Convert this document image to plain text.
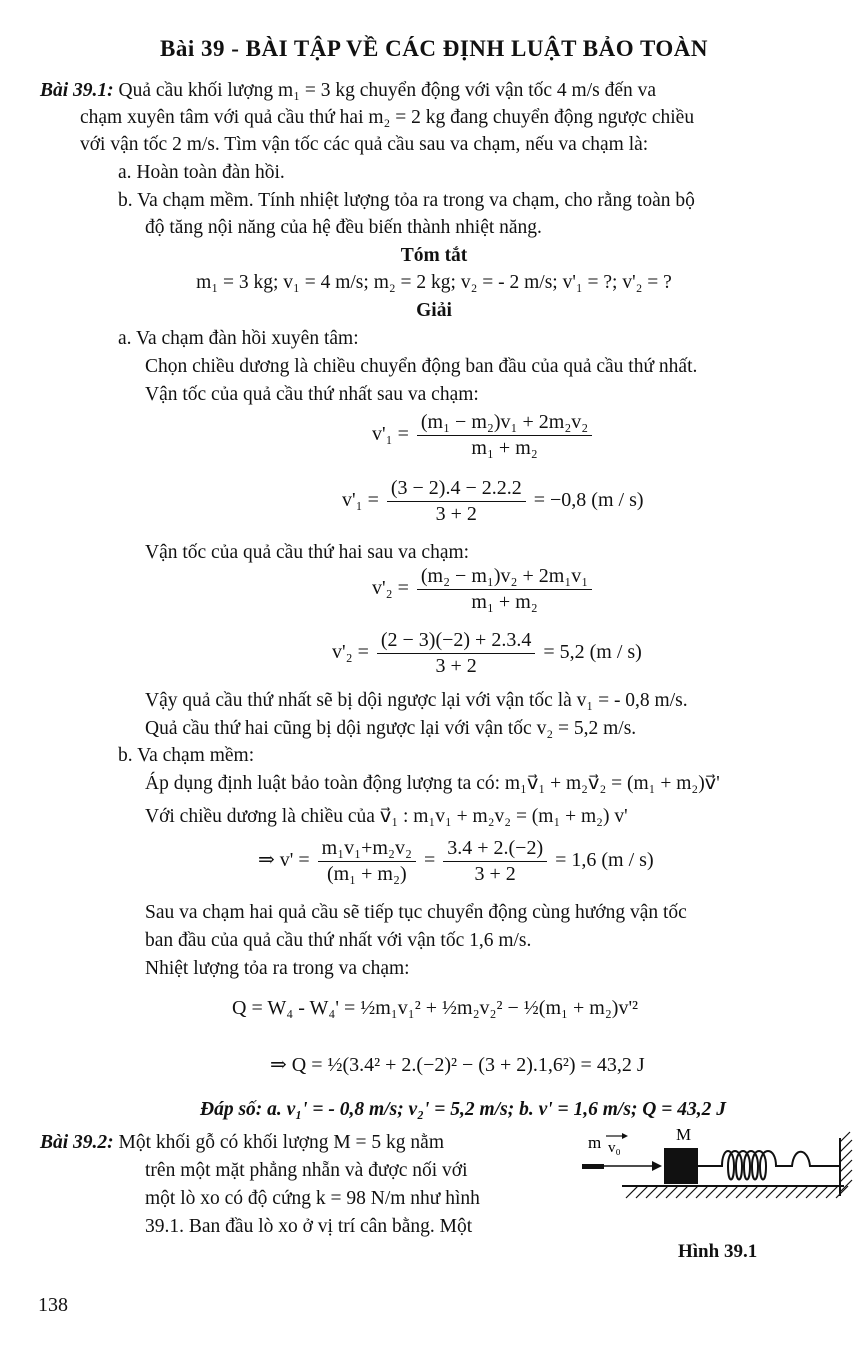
Bài 39 - BÀI TẬP VỀ CÁC ĐỊNH LUẬT BẢO TOÀN
Bài 39.1: Quả cầu khối lượng m₁ = 3 kg chuyển động với vận tốc 4 m/s đến va
chạm xuyên tâm với quả cầu thứ hai m₂ = 2 kg đang chuyển động ngược chiều
với vận tốc 2 m/s. Tìm vận tốc các quả cầu sau va chạm, nếu va chạm là:
a. Hoàn toàn đàn hồi.
b. Va chạm mềm. Tính nhiệt lượng tỏa ra trong va chạm, cho rằng toàn bộ
độ tăng nội năng của hệ đều biến thành nhiệt năng.
Tóm tắt
m₁ = 3 kg; v₁ = 4 m/s; m₂ = 2 kg; v₂ = - 2 m/s; v'₁ = ?; v'₂ = ?
Giải
a. Va chạm đàn hồi xuyên tâm:
Chọn chiều dương là chiều chuyển động ban đầu của quả cầu thứ nhất.
Vận tốc của quả cầu thứ nhất sau va chạm:
$v'_1 = \frac{\text{(m₁ − m₂)v₁ + 2m₂v₂}}{\text{m₁ + m₂}}$
$v'_1 = \frac{(3 - 2).4 - 2.2.2}{3 + 2} = -0,8$ (m / s)
Vận tốc của quả cầu thứ hai sau va chạm:
$v'_2 = \frac{\text{(m₂ − m₁)v₂ + 2m₁v₁}}{\text{m₁ + m₂}}$
$v'_2 = \frac{(2 - 3)(-2) + 2.3.4}{3 + 2} = 5,2$ (m / s)
Vậy quả cầu thứ nhất sẽ bị dội ngược lại với vận tốc là v₁ = - 0,8 m/s.
Quả cầu thứ hai cũng bị dội ngược lại với vận tốc v₂ = 5,2 m/s.
b. Va chạm mềm:
Áp dụng định luật bảo toàn động lượng ta có: m₁v⃗₁ + m₂v⃗₂ = (m₁ + m₂)v⃗'
Với chiều dương là chiều của v⃗₁ : m₁v₁ + m₂v₂ = (m₁ + m₂) v'
⇒ $v' = \frac{\text{m₁v₁+m₂v₂}}{\text{(m₁ + m₂)}} = \frac{3.4 + 2.(-2)}{3 + 2} = 1,6$ (m / s)
Sau va chạm hai quả cầu sẽ tiếp tục chuyển động cùng hướng vận tốc
ban đầu của quả cầu thứ nhất với vận tốc 1,6 m/s.
Nhiệt lượng tỏa ra trong va chạm:
Q = W₄ - W₄' = ½m₁v₁² + ½m₂v₂² − ½(m₁ + m₂)v'²
⇒ Q = ½(3.4² + 2.(−2)² − (3 + 2).1,6²) = 43,2 J
Đáp số: a. v₁' = - 0,8 m/s; v₂' = 5,2 m/s; b. v' = 1,6 m/s; Q = 43,2 J
Bài 39.2: Một khối gỗ có khối lượng M = 5 kg nằm
trên một mặt phẳng nhẵn và được nối với
một lò xo có độ cứng k = 98 N/m như hình
39.1. Ban đầu lò xo ở vị trí cân bằng. Một
m v₀
M
Hình 39.1
138
